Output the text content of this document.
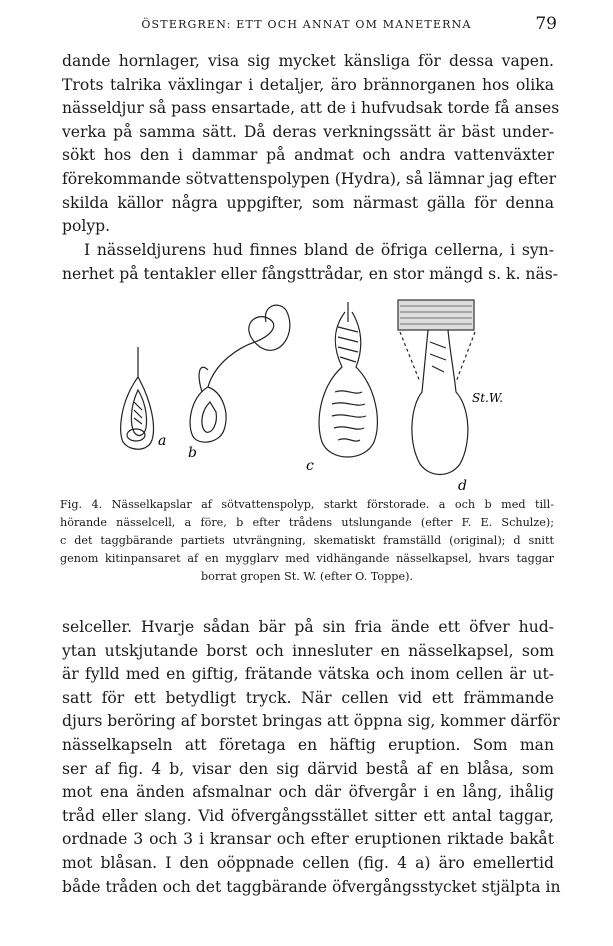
ÖSTERGREN: ETT OCH ANNAT OM MANETERNA	79

dande hornlager, visa sig mycket känsliga för dessa vapen.
Trots talrika växlingar i detaljer, äro brännorganen hos olika
nässeldjur så pass ensartade, att de i hufvudsak torde få anses
verka på samma sätt. Då deras verkningssätt är bäst under-
sökt hos den i dammar på andmat och andra vattenväxter
förekommande sötvattenspolypen (Hydra), så lämnar jag efter
skilda källor några uppgifter, som närmast gälla för denna
polyp.

I nässeldjurens hud finnes bland de öfriga cellerna, i syn-
nerhet på tentakler eller fångsttrådar, en stor mängd s. k. näs-

a
b
c
d
St.W.

Fig. 4. Nässelkapslar af sötvattenspolyp, starkt förstorade. a och b med till-
hörande nässelcell, a före, b efter trådens utslungande (efter F. E. Schulze);
c det taggbärande partiets utvrängning, skematiskt framställd (original); d snitt
genom kitinpansaret af en mygglarv med vidhängande nässelkapsel, hvars taggar
borrat gropen St. W. (efter O. Toppe).

selceller. Hvarje sådan bär på sin fria ände ett öfver hud-
ytan utskjutande borst och innesluter en nässelkapsel, som
är fylld med en giftig, frätande vätska och inom cellen är ut-
satt för ett betydligt tryck. När cellen vid ett främmande
djurs beröring af borstet bringas att öppna sig, kommer därför
nässelkapseln att företaga en häftig eruption. Som man
ser af fig. 4 b, visar den sig därvid bestå af en blåsa, som
mot ena änden afsmalnar och där öfvergår i en lång, ihålig
tråd eller slang. Vid öfvergångsstället sitter ett antal taggar,
ordnade 3 och 3 i kransar och efter eruptionen riktade bakåt
mot blåsan. I den oöppnade cellen (fig. 4 a) äro emellertid
både tråden och det taggbärande öfvergångsstycket stjälpta in
